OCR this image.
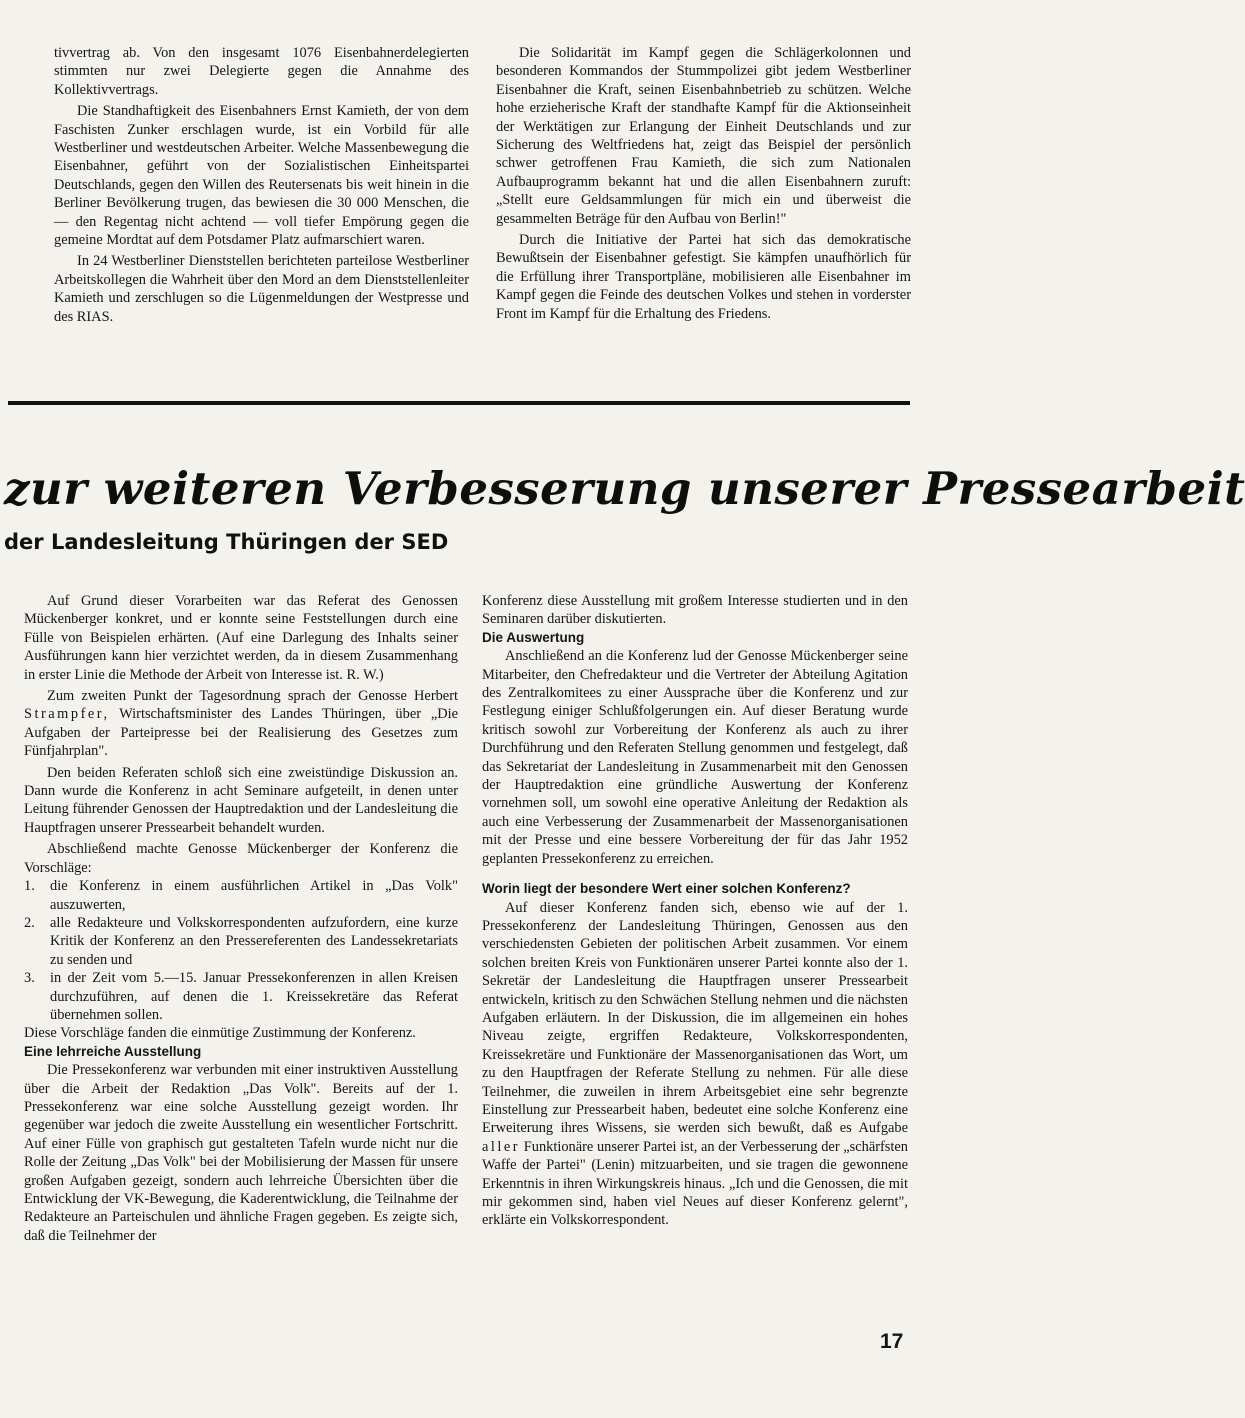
tivvertrag ab. Von den insgesamt 1076 Eisenbahnerdelegierten stimmten nur zwei Delegierte gegen die Annahme des Kollektivvertrags.

Die Standhaftigkeit des Eisenbahners Ernst Kamieth, der von dem Faschisten Zunker erschlagen wurde, ist ein Vorbild für alle Westberliner und westdeutschen Arbeiter. Welche Massenbewegung die Eisenbahner, geführt von der Sozialistischen Einheitspartei Deutschlands, gegen den Willen des Reutersenats bis weit hinein in die Berliner Bevölkerung trugen, das bewiesen die 30 000 Menschen, die — den Regentag nicht achtend — voll tiefer Empörung gegen die gemeine Mordtat auf dem Potsdamer Platz aufmarschiert waren.

In 24 Westberliner Dienststellen berichteten parteilose Westberliner Arbeitskollegen die Wahrheit über den Mord an dem Dienststellenleiter Kamieth und zerschlugen so die Lügenmeldungen der Westpresse und des RIAS.

Die Solidarität im Kampf gegen die Schlägerkolonnen und besonderen Kommandos der Stummpolizei gibt jedem Westberliner Eisenbahner die Kraft, seinen Eisenbahnbetrieb zu schützen. Welche hohe erzieherische Kraft der standhafte Kampf für die Aktionseinheit der Werktätigen zur Erlangung der Einheit Deutschlands und zur Sicherung des Weltfriedens hat, zeigt das Beispiel der persönlich schwer getroffenen Frau Kamieth, die sich zum Nationalen Aufbauprogramm bekannt hat und die allen Eisenbahnern zuruft: „Stellt eure Geldsammlungen für mich ein und überweist die gesammelten Beträge für den Aufbau von Berlin!"

Durch die Initiative der Partei hat sich das demokratische Bewußtsein der Eisenbahner gefestigt. Sie kämpfen unaufhörlich für die Erfüllung ihrer Transportpläne, mobilisieren alle Eisenbahner im Kampf gegen die Feinde des deutschen Volkes und stehen in vorderster Front im Kampf für die Erhaltung des Friedens.

zur weiteren Verbesserung unserer Pressearbeit
der Landesleitung Thüringen der SED

Auf Grund dieser Vorarbeiten war das Referat des Genossen Mückenberger konkret, und er konnte seine Feststellungen durch eine Fülle von Beispielen erhärten. (Auf eine Darlegung des Inhalts seiner Ausführungen kann hier verzichtet werden, da in diesem Zusammenhang in erster Linie die Methode der Arbeit von Interesse ist. R. W.)

Zum zweiten Punkt der Tagesordnung sprach der Genosse Herbert Strampfer, Wirtschaftsminister des Landes Thüringen, über „Die Aufgaben der Parteipresse bei der Realisierung des Gesetzes zum Fünfjahrplan".

Den beiden Referaten schloß sich eine zweistündige Diskussion an. Dann wurde die Konferenz in acht Seminare aufgeteilt, in denen unter Leitung führender Genossen der Hauptredaktion und der Landesleitung die Hauptfragen unserer Pressearbeit behandelt wurden.

Abschließend machte Genosse Mückenberger der Konferenz die Vorschläge:

1. die Konferenz in einem ausführlichen Artikel in „Das Volk" auszuwerten,
2. alle Redakteure und Volkskorrespondenten aufzufordern, eine kurze Kritik der Konferenz an den Pressereferenten des Landessekretariats zu senden und
3. in der Zeit vom 5.—15. Januar Pressekonferenzen in allen Kreisen durchzuführen, auf denen die 1. Kreissekretäre das Referat übernehmen sollen.

Diese Vorschläge fanden die einmütige Zustimmung der Konferenz.

Eine lehrreiche Ausstellung

Die Pressekonferenz war verbunden mit einer instruktiven Ausstellung über die Arbeit der Redaktion „Das Volk". Bereits auf der 1. Pressekonferenz war eine solche Ausstellung gezeigt worden. Ihr gegenüber war jedoch die zweite Ausstellung ein wesentlicher Fortschritt. Auf einer Fülle von graphisch gut gestalteten Tafeln wurde nicht nur die Rolle der Zeitung „Das Volk" bei der Mobilisierung der Massen für unsere großen Aufgaben gezeigt, sondern auch lehrreiche Übersichten über die Entwicklung der VK-Bewegung, die Kaderentwicklung, die Teilnahme der Redakteure an Parteischulen und ähnliche Fragen gegeben. Es zeigte sich, daß die Teilnehmer der

Konferenz diese Ausstellung mit großem Interesse studierten und in den Seminaren darüber diskutierten.

Die Auswertung

Anschließend an die Konferenz lud der Genosse Mückenberger seine Mitarbeiter, den Chefredakteur und die Vertreter der Abteilung Agitation des Zentralkomitees zu einer Aussprache über die Konferenz und zur Festlegung einiger Schlußfolgerungen ein. Auf dieser Beratung wurde kritisch sowohl zur Vorbereitung der Konferenz als auch zu ihrer Durchführung und den Referaten Stellung genommen und festgelegt, daß das Sekretariat der Landesleitung in Zusammenarbeit mit den Genossen der Hauptredaktion eine gründliche Auswertung der Konferenz vornehmen soll, um sowohl eine operative Anleitung der Redaktion als auch eine Verbesserung der Zusammenarbeit der Massenorganisationen mit der Presse und eine bessere Vorbereitung der für das Jahr 1952 geplanten Pressekonferenz zu erreichen.

Worin liegt der besondere Wert einer solchen Konferenz?

Auf dieser Konferenz fanden sich, ebenso wie auf der 1. Pressekonferenz der Landesleitung Thüringen, Genossen aus den verschiedensten Gebieten der politischen Arbeit zusammen. Vor einem solchen breiten Kreis von Funktionären unserer Partei konnte also der 1. Sekretär der Landesleitung die Hauptfragen unserer Pressearbeit entwickeln, kritisch zu den Schwächen Stellung nehmen und die nächsten Aufgaben erläutern. In der Diskussion, die im allgemeinen ein hohes Niveau zeigte, ergriffen Redakteure, Volkskorrespondenten, Kreissekretäre und Funktionäre der Massenorganisationen das Wort, um zu den Hauptfragen der Referate Stellung zu nehmen. Für alle diese Teilnehmer, die zuweilen in ihrem Arbeitsgebiet eine sehr begrenzte Einstellung zur Pressearbeit haben, bedeutet eine solche Konferenz eine Erweiterung ihres Wissens, sie werden sich bewußt, daß es Aufgabe aller Funktionäre unserer Partei ist, an der Verbesserung der „schärfsten Waffe der Partei" (Lenin) mitzuarbeiten, und sie tragen die gewonnene Erkenntnis in ihren Wirkungskreis hinaus. „Ich und die Genossen, die mit mir gekommen sind, haben viel Neues auf dieser Konferenz gelernt", erklärte ein Volkskorrespondent.

17
